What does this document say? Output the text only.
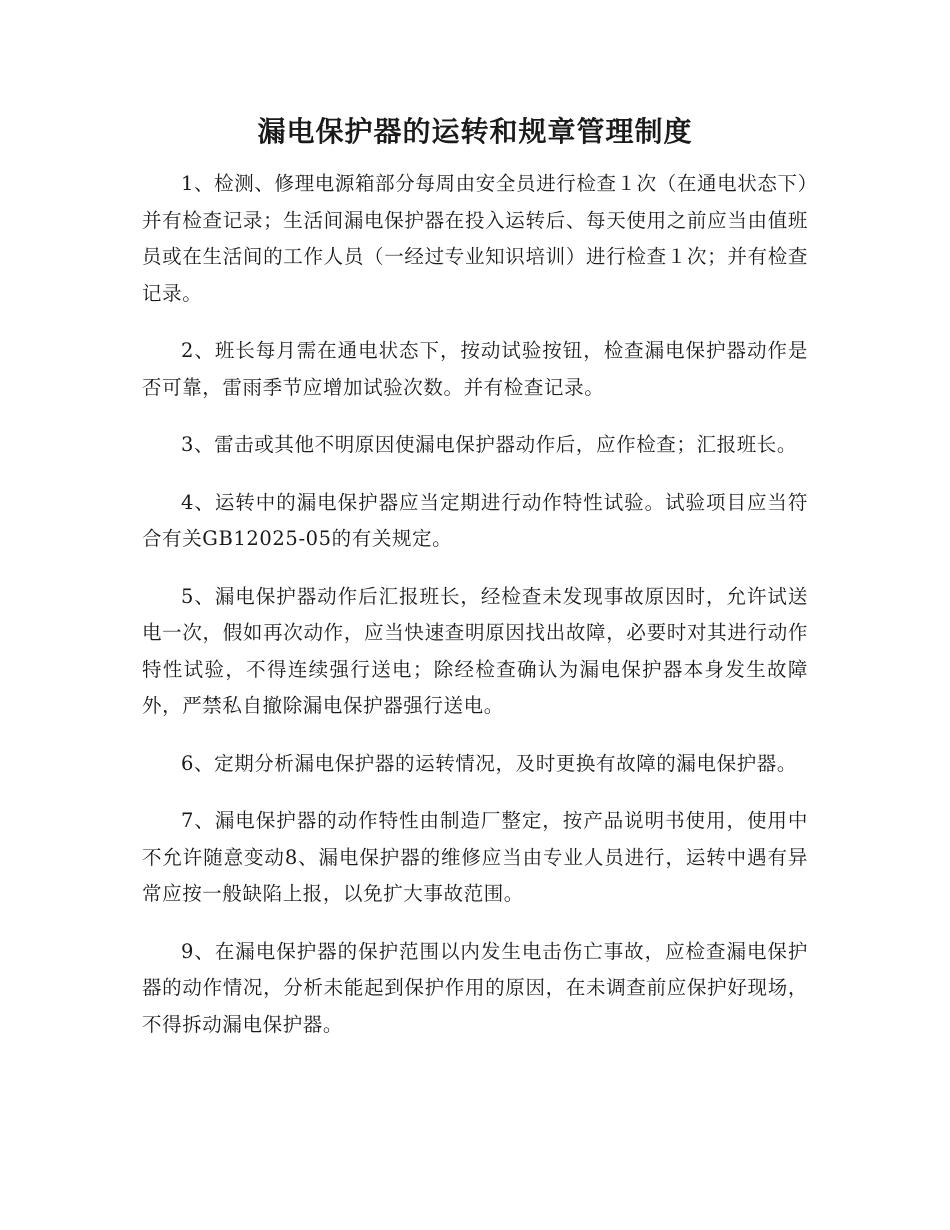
漏电保护器的运转和规章管理制度

1、检测、修理电源箱部分每周由安全员进行检查１次（在通电状态下）并有检查记录；生活间漏电保护器在投入运转后、每天使用之前应当由值班员或在生活间的工作人员（一经过专业知识培训）进行检查１次；并有检查记录。

2、班长每月需在通电状态下，按动试验按钮，检查漏电保护器动作是否可靠，雷雨季节应增加试验次数。并有检查记录。

3、雷击或其他不明原因使漏电保护器动作后，应作检查；汇报班长。

4、运转中的漏电保护器应当定期进行动作特性试验。试验项目应当符合有关GB12025-05的有关规定。

5、漏电保护器动作后汇报班长，经检查未发现事故原因时，允许试送电一次，假如再次动作，应当快速查明原因找出故障，必要时对其进行动作特性试验，不得连续强行送电；除经检查确认为漏电保护器本身发生故障外，严禁私自撤除漏电保护器强行送电。

6、定期分析漏电保护器的运转情况，及时更换有故障的漏电保护器。

7、漏电保护器的动作特性由制造厂整定，按产品说明书使用，使用中不允许随意变动8、漏电保护器的维修应当由专业人员进行，运转中遇有异常应按一般缺陷上报，以免扩大事故范围。

9、在漏电保护器的保护范围以内发生电击伤亡事故，应检查漏电保护器的动作情况，分析未能起到保护作用的原因，在未调查前应保护好现场，不得拆动漏电保护器。
